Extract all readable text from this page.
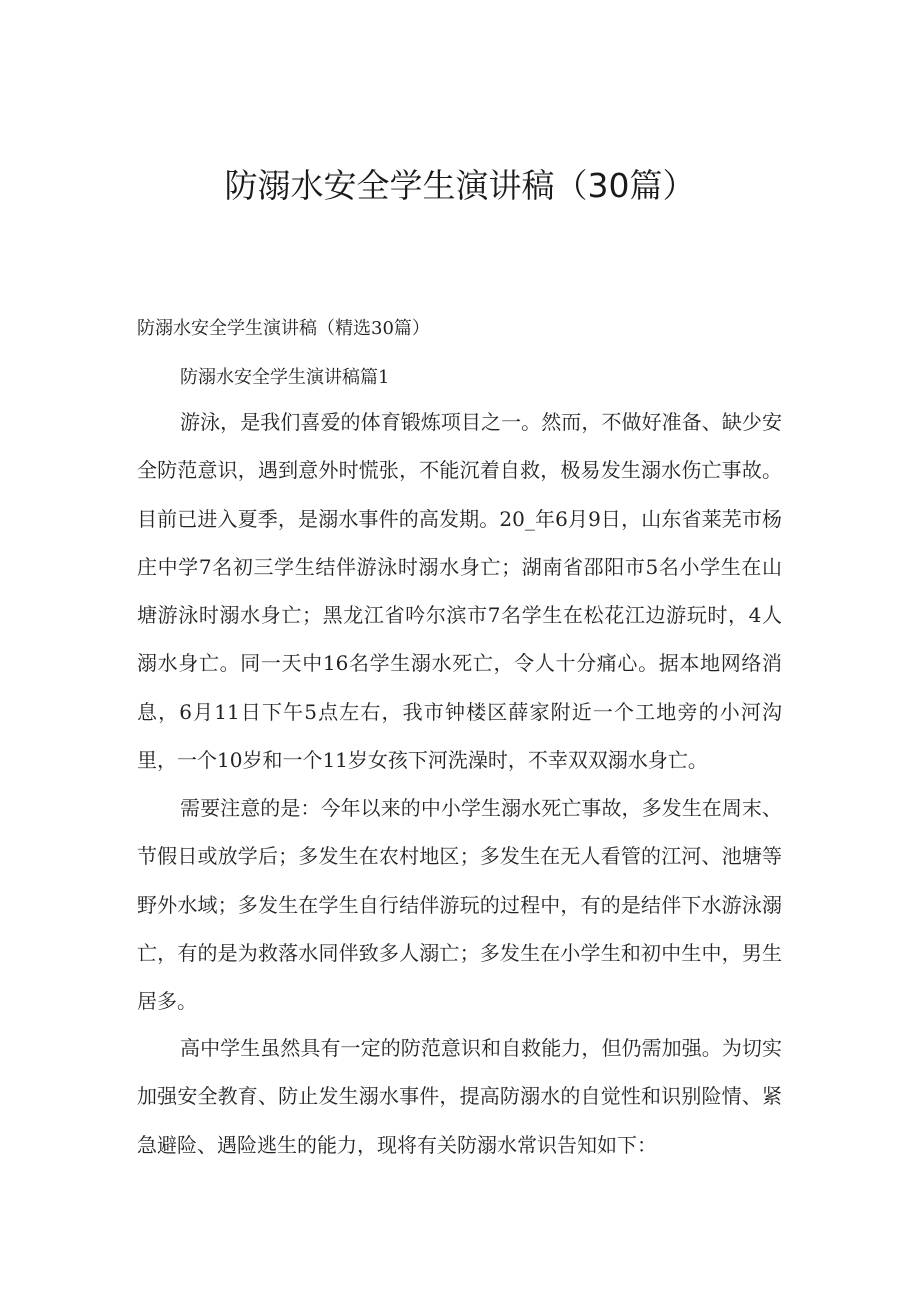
防溺水安全学生演讲稿（30篇）

防溺水安全学生演讲稿（精选30篇）

防溺水安全学生演讲稿篇1

游泳，是我们喜爱的体育锻炼项目之一。然而，不做好准备、缺少安全防范意识，遇到意外时慌张，不能沉着自救，极易发生溺水伤亡事故。目前已进入夏季，是溺水事件的高发期。20_年6月9日，山东省莱芜市杨庄中学7名初三学生结伴游泳时溺水身亡；湖南省邵阳市5名小学生在山塘游泳时溺水身亡；黑龙江省吟尔滨市7名学生在松花江边游玩时，4人溺水身亡。同一天中16名学生溺水死亡，令人十分痛心。据本地网络消息，6月11日下午5点左右，我市钟楼区薛家附近一个工地旁的小河沟里，一个10岁和一个11岁女孩下河洗澡时，不幸双双溺水身亡。

需要注意的是：今年以来的中小学生溺水死亡事故，多发生在周末、节假日或放学后；多发生在农村地区；多发生在无人看管的江河、池塘等野外水域；多发生在学生自行结伴游玩的过程中，有的是结伴下水游泳溺亡，有的是为救落水同伴致多人溺亡；多发生在小学生和初中生中，男生居多。

高中学生虽然具有一定的防范意识和自救能力，但仍需加强。为切实加强安全教育、防止发生溺水事件，提高防溺水的自觉性和识别险情、紧急避险、遇险逃生的能力，现将有关防溺水常识告知如下：
